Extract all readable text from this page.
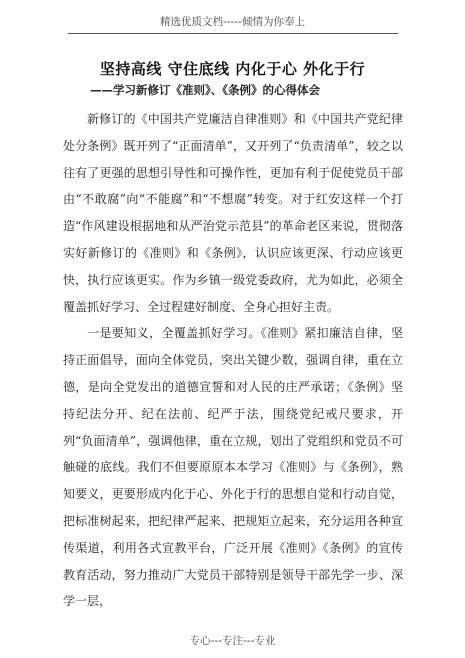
精选优质文档-----倾情为你奉上
坚持高线 守住底线 内化于心 外化于行
——学习新修订《准则》、《条例》的心得体会

新修订的《中国共产党廉洁自律准则》和《中国共产党纪律处分条例》既开列了“正面清单”，又开列了“负责清单”，较之以往有了更强的思想引导性和可操作性，更加有利于促使党员干部由“不敢腐”向“不能腐”和“不想腐”转变。对于红安这样一个打造“作风建设根据地和从严治党示范县”的革命老区来说，贯彻落实好新修订的《准则》和《条例》，认识应该更深、行动应该更快，执行应该更实。作为乡镇一级党委政府，尤为如此，必须全覆盖抓好学习、全过程建好制度、全身心担好主责。

一是要知义，全覆盖抓好学习。《准则》紧扣廉洁自律，坚持正面倡导，面向全体党员，突出关键少数，强调自律，重在立德，是向全党发出的道德宣誓和对人民的庄严承诺；《条例》坚持纪法分开、纪在法前、纪严于法，围绕党纪戒尺要求，开列“负面清单”，强调他律，重在立规，划出了党组织和党员不可触碰的底线。我们不但要原原本本学习《准则》与《条例》，熟知要义，更要形成内化于心、外化于行的思想自觉和行动自觉，把标准树起来，把纪律严起来、把规矩立起来，充分运用各种宣传渠道，利用各式宣教平台，广泛开展《准则》《条例》的宣传教育活动，努力推动广大党员干部特别是领导干部先学一步、深学一层，

专心---专注---专业
